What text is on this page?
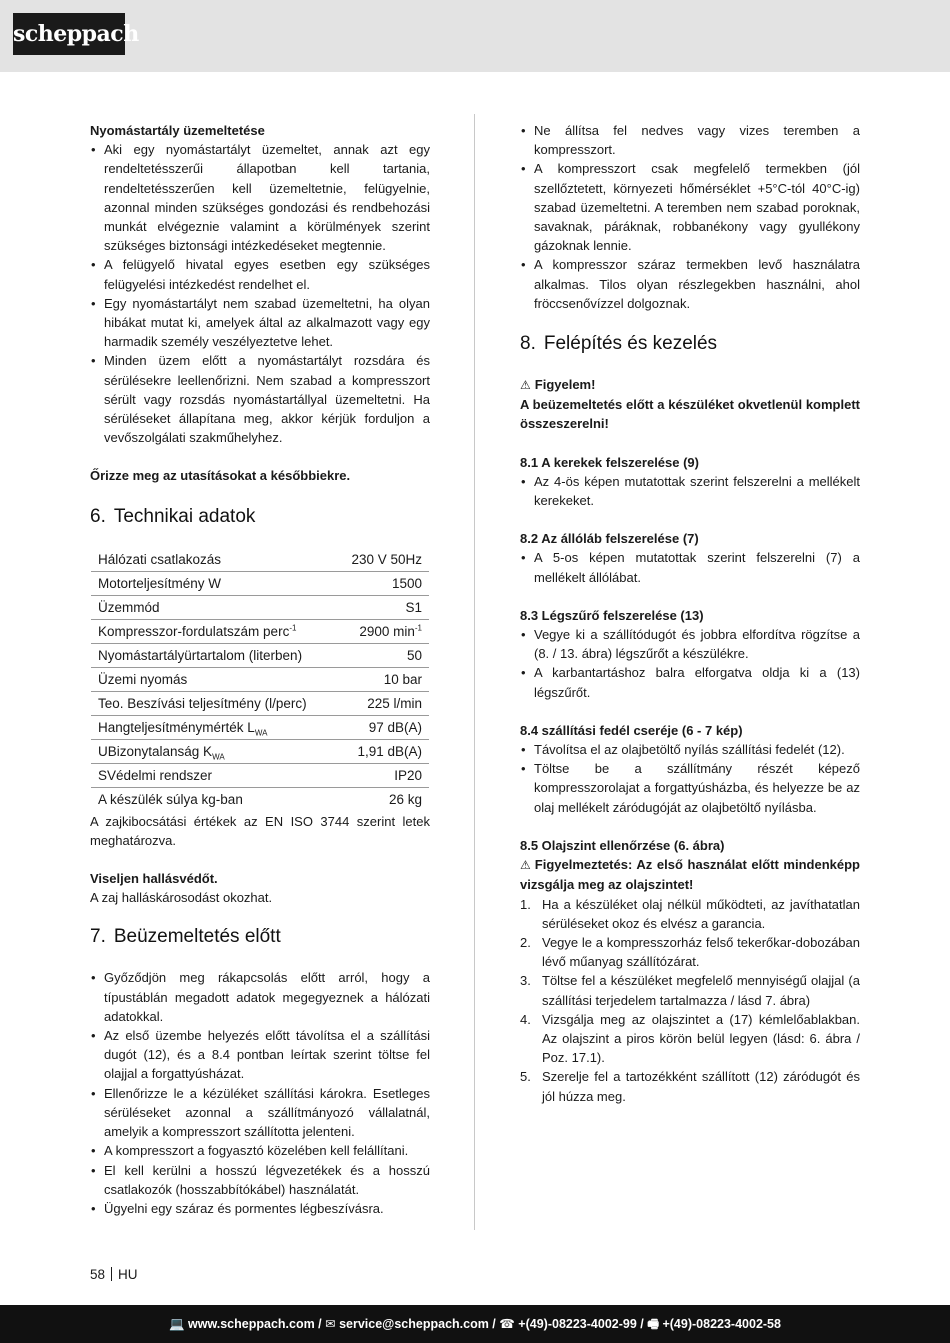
scheppach
Nyomástartály üzemeltetése
• Aki egy nyomástartályt üzemeltet, annak azt egy rendeltetésszerűi állapotban kell tartania, rendeltetésszerűen kell üzemeltetnie, felügyelnie, azonnal minden szükséges gondozási és rendbehozási munkát elvégeznie valamint a körülmények szerint szükséges biztonsági intézkedéseket megtennie.
• A felügyelő hivatal egyes esetben egy szükséges felügyelési intézkedést rendelhet el.
• Egy nyomástartályt nem szabad üzemeltetni, ha olyan hibákat mutat ki, amelyek által az alkalmazott vagy egy harmadik személy veszélyeztetve lehet.
• Minden üzem előtt a nyomástartályt rozsdára és sérülésekre leellenőrizni. Nem szabad a kompresszort sérült vagy rozsdás nyomástartállyal üzemeltetni. Ha sérüléseket állapítana meg, akkor kérjük forduljon a vevőszolgálati szakműhelyhez.
Őrizze meg az utasításokat a későbbiekre.
6. Technikai adatok
Hálózati csatlakozás	230 V 50Hz
Motorteljesítmény W	1500
Üzemmód	S1
Kompresszor-fordulatszám perc$^{-1}$	2900 $\min^{-1}$
Nyomástartályürtartalom (literben)	50
Üzemi nyomás	10 bar
Teo. Beszívási teljesítmény (l/perc)	225 l/min
Hangteljesítménymérték $L_{WA}$	97 dB(A)
UBizonytalanság $K_{WA}$	1,91 dB(A)
SVédelmi rendszer	IP20
A készülék súlya kg-ban	26 kg
A zajkibocsátási értékek az EN ISO 3744 szerint letek meghatározva.
Viseljen hallásvédőt.
A zaj halláskárosodást okozhat.
7. Beüzemeltetés előtt
• Győződjön meg rákapcsolás előtt arról, hogy a típustáblán megadott adatok megegyeznek a hálózati adatokkal.
• Az első üzembe helyezés előtt távolítsa el a szállítási dugót (12), és a 8.4 pontban leírtak szerint töltse fel olajjal a forgattyúsházat.
• Ellenőrizze le a kézüléket szállítási károkra. Esetleges sérüléseket azonnal a szállítmányozó vállalatnál, amelyik a kompresszort szállította jelenteni.
• A kompresszort a fogyasztó közelében kell felállítani.
• El kell kerülni a hosszú légvezetékek és a hosszú csatlakozók (hosszabbítókábel) használatát.
• Ügyelni egy száraz és pormentes légbeszívásra.
• Ne állítsa fel nedves vagy vizes teremben a kompresszort.
• A kompresszort csak megfelelő termekben (jól szellőztetett, környezeti hőmérséklet +5°C-tól 40°C-ig) szabad üzemeltetni. A teremben nem szabad poroknak, savaknak, páráknak, robbanékony vagy gyullékony gázoknak lennie.
• A kompresszor száraz termekben levő használatra alkalmas. Tilos olyan részlegekben használni, ahol fröccsenővízzel dolgoznak.
8. Felépítés és kezelés
⚠ Figyelem!
A beüzemeltetés előtt a készüléket okvetlenül komplett összeszerelni!
8.1 A kerekek felszerelése (9)
• Az 4-ös képen mutatottak szerint felszerelni a mellékelt kerekeket.
8.2 Az állóláb felszerelése (7)
• A 5-os képen mutatottak szerint felszerelni (7) a mellékelt állólábat.
8.3 Légszűrő felszerelése (13)
• Vegye ki a szállítódugót és jobbra elfordítva rögzítse a (8. / 13. ábra) légszűrőt a készülékre.
• A karbantartáshoz balra elforgatva oldja ki a (13) légszűrőt.
8.4 szállítási fedél cseréje (6 - 7 kép)
• Távolítsa el az olajbetöltő nyílás szállítási fedelét (12).
• Töltse be a szállítmány részét képező kompresszorolajat a forgattyúsházba, és helyezze be az olaj mellékelt záródugóját az olajbetöltő nyílásba.
8.5 Olajszint ellenőrzése (6. ábra)
⚠ Figyelmeztetés: Az első használat előtt mindenképp vizsgálja meg az olajszintet!
1. Ha a készüléket olaj nélkül működteti, az javíthatatlan sérüléseket okoz és elvész a garancia.
2. Vegye le a kompresszorház felső tekerőkar-dobozában lévő műanyag szállítózárat.
3. Töltse fel a készüléket megfelelő mennyiségű olajjal (a szállítási terjedelem tartalmazza / lásd 7. ábra)
4. Vizsgálja meg az olajszintet a (17) kémlelőablakban. Az olajszint a piros körön belül legyen (lásd: 6. ábra / Poz. 17.1).
5. Szerelje fel a tartozékként szállított (12) záródugót és jól húzza meg.
58 HU
💻 www.scheppach.com / ✉ service@scheppach.com / ☎ +(49)-08223-4002-99 / 🖷 +(49)-08223-4002-58
